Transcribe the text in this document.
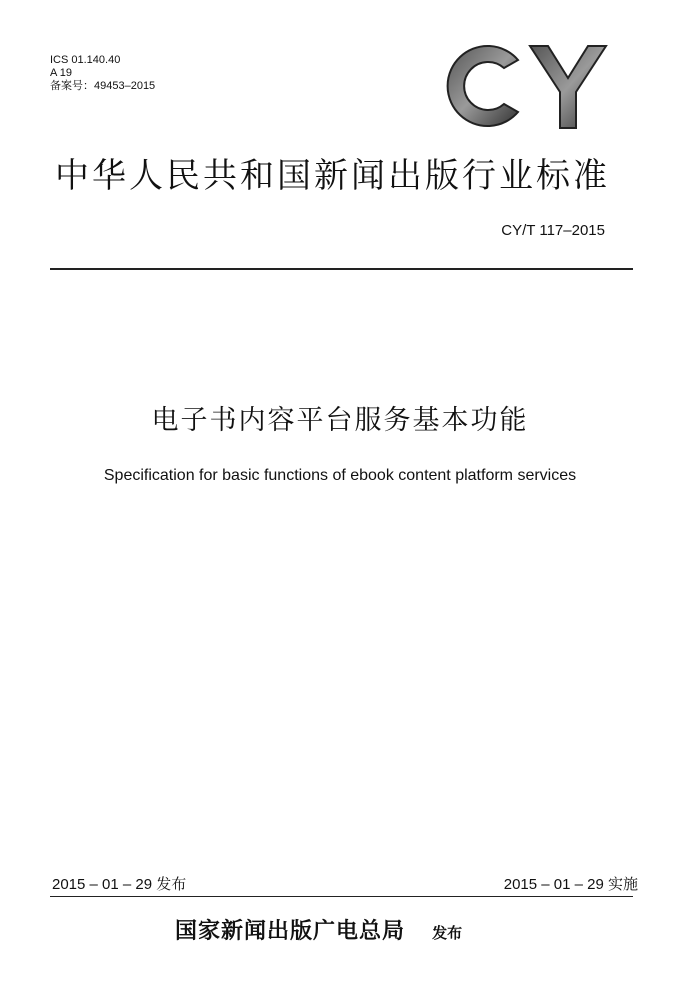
ICS 01.140.40
A 19
备案号：49453–2015
中华人民共和国新闻出版行业标准
CY/T 117–2015
电子书内容平台服务基本功能
Specification for basic functions of ebook content platform services
2015 – 01 – 29 发布	2015 – 01 – 29 实施
国家新闻出版广电总局 发布
